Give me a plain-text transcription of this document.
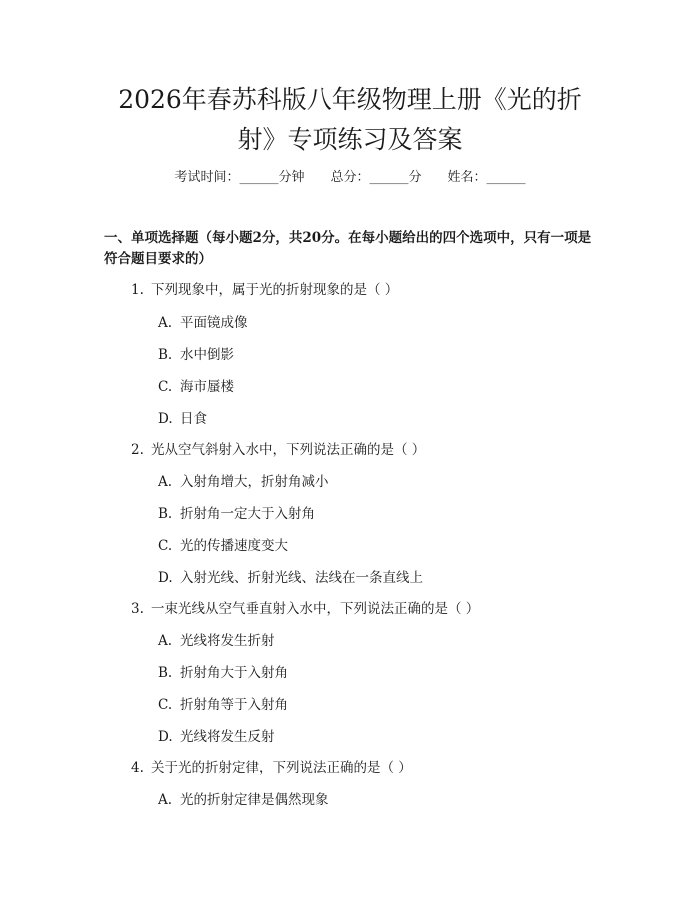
2026年春苏科版八年级物理上册《光的折
射》专项练习及答案
考试时间：______分钟 总分：______分 姓名：______
一、单项选择题（每小题2分，共20分。在每小题给出的四个选项中，只有一项是符合题目要求的）
1. 下列现象中，属于光的折射现象的是（ ）
A. 平面镜成像
B. 水中倒影
C. 海市蜃楼
D. 日食
2. 光从空气斜射入水中，下列说法正确的是（ ）
A. 入射角增大，折射角减小
B. 折射角一定大于入射角
C. 光的传播速度变大
D. 入射光线、折射光线、法线在一条直线上
3. 一束光线从空气垂直射入水中，下列说法正确的是（ ）
A. 光线将发生折射
B. 折射角大于入射角
C. 折射角等于入射角
D. 光线将发生反射
4. 关于光的折射定律，下列说法正确的是（ ）
A. 光的折射定律是偶然现象
